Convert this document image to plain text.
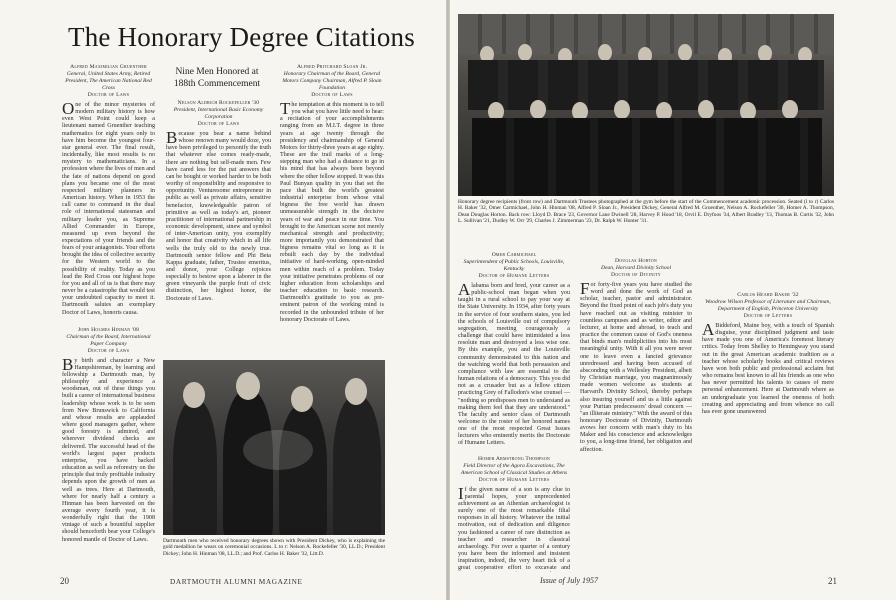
The Honorary Degree Citations
Alfred Maximilian Gruenther
General, United States Army, Retired President, The American National Red Cross
Doctor of Laws

One of the minor mysteries of modern military history is how even West Point could keep a lieutenant named Gruenther teaching mathematics for eight years only to have him become the youngest four-star general ever. The final result, incidentally, like most results is no mystery to mathematicians. In a profession where the lives of men and the fate of nations depend on good plans you became one of the most respected military planners in American history. When in 1953 the call came to command in the dual role of international statesman and military leader you, as Supreme Allied Commander in Europe, measured up even beyond the expectations of your friends and the fears of your antagonists. Your efforts brought the idea of collective security for the Western world to the possibility of reality. Today as you lead the Red Cross our highest hope for you and all of us is that there may never be a catastrophe that would test your undoubted capacity to meet it. Dartmouth salutes an exemplary Doctor of Laws, honoris causa.

John Holmes Hinman '08
Chairman of the Board, International Paper Company
Doctor of Laws

By birth and character a New Hampshireman, by learning and fellowship a Dartmouth man, by philosophy and experience a woodsman, out of these things you built a career of international business leadership whose work is to be seen from New Brunswick to California and whose results are applauded where good managers gather, where good forestry is admired, and wherever dividend checks are delivered. The successful head of the world's largest paper products enterprise, you have backed education as well as reforestry on the principle that truly profitable industry depends upon the growth of men as well as trees. Here at Dartmouth, where for nearly half a century a Hinman has been harvested on the average every fourth year, it is wonderfully right that the 1908 vintage of such a bountiful supplier should henceforth bear your College's honored mantle of Doctor of Laws.

Nine Men Honored at 188th Commencement
Nelson Aldrich Rockefeller '30
President, International Basic Economy Corporation
Doctor of Laws

Because you bear a name behind whose renown many would doze, you have been privileged to personify the truth that whatever else comes ready-made, there are nothing but self-made men. Few have cared less for the pat answers that can be bought or worked harder to be both worthy of responsibility and responsive to opportunity. Venturesome entrepreneur in public as well as private affairs, sensitive benefactor, knowledgeable patron of primitive as well as today's art, pioneer practitioner of international partnership in economic development, sinew and symbol of inter-American unity, you exemplify and honor that creativity which in all life wells the truly old to the newly true. Dartmouth senior fellow and Phi Beta Kappa graduate, father, Trustee emeritus, and donor, your College rejoices especially to bestow upon a laborer in the green vineyards the purple fruit of civic distinction, her highest honor, the Doctorate of Laws.

Alfred Pritchard Sloan Jr.
Honorary Chairman of the Board, General Motors Company Chairman, Alfred P. Sloan Foundation
Doctor of Laws

The temptation at this moment is to tell you what you have little need to hear: a recitation of your accomplishments ranging from an M.I.T. degree in three years at age twenty through the presidency and chairmanship of General Motors for thirty-three years at age eighty. These are the trail marks of a long-stepping man who had a distance to go in his mind that has always been beyond where the other fellow stopped. It was this Paul Bunyan quality in you that set the pace that built the world's greatest industrial enterprise from whose vital bigness the free world has drawn unmeasurable strength in the decisive years of war and peace in our time. You brought to the American scene not merely mechanical strength and productivity; more importantly you demonstrated that bigness remains vital so long as it is rebuilt each day by the individual initiative of hard-working, open-minded men within reach of a problem. Today your initiative penetrates problems of our higher education from scholarships and teacher education to basic research. Dartmouth's gratitude to you as pre-eminent patron of the working mind is recorded in the unbounded tribute of her honorary Doctorate of Laws.

Dartmouth men who received honorary degrees shown with President Dickey, who is explaining the gold medallion he wears on ceremonial occasions. L to r: Nelson A. Rockefeller '30, LL.D.; President Dickey; John H. Hinman '08, LL.D.; and Prof. Carlos H. Baker '32, Litt.D.
20	DARTMOUTH ALUMNI MAGAZINE
Honorary degree recipients (front row) and Dartmouth Trustees photographed at the gym before the start of the Commencement academic procession. Seated (l to r) Carlos H. Baker '32, Omer Carmichael, John H. Hinman '08, Alfred P. Sloan Jr., President Dickey, General Alfred M. Gruenther, Nelson A. Rockefeller '30, Homer A. Thompson, Dean Douglas Horton. Back row: Lloyd D. Brace '23, Governor Lane Dwinell '28, Harvey P. Hood '18, Orvil E. Dryfoos '34, Albert Bradley '13, Thomas B. Curtis '32, John L. Sullivan '21, Dudley W. Orr '29, Charles J. Zimmerman '23, Dr. Ralph W. Hunter '31.
Omer Carmichael
Superintendent of Public Schools, Louisville, Kentucky
Doctor of Humane Letters

Alabama born and bred, your career as a public-school man began when you taught in a rural school to pay your way at the State University. In 1934, after forty years in the service of four southern states, you led the schools of Louisville out of compulsory segregation, meeting courageously a challenge that could have intimidated a less resolute man and destroyed a less wise one. By this example, you and the Louisville community demonstrated to this nation and the watching world that both persuasion and compliance with law are essential to the human relations of a democracy. This you did not as a crusader but as a fellow citizen practicing Grey of Fallodon's wise counsel — "nothing so predisposes men to understand as making them feel that they are understood." The faculty and senior class of Dartmouth welcome to the roster of her honored names one of the most respected Great Issues lecturers who eminently merits the Doctorate of Humane Letters.

Homer Armstrong Thompson
Field Director of the Agora Excavations, The American School of Classical Studies at Athens
Doctor of Humane Letters

If the given name of a son is any clue to parental hopes, your unprecedented achievement as an Athenian archaeologist is surely one of the most remarkable filial responses in all history. Whatever the initial motivation, out of dedication and diligence you fashioned a career of rare distinction as teacher and researcher in classical archaeology. For over a quarter of a century you have been the informed and insistent inspiration, indeed, the very heart tick of a great cooperative effort to excavate and

Douglas Horton
Dean, Harvard Divinity School
Doctor of Divinity

For forty-five years you have studied the word and done the work of God as scholar, teacher, pastor and administrator. Beyond the fixed point of each job's duty you have reached out as visiting minister to countless campuses and as writer, editor and lecturer, at home and abroad, to teach and practice the common cause of God's oneness that binds man's multiplicities into his most meaningful unity. With it all you were never one to leave even a fancied grievance unredressed and having been accused of absconding with a Wellesley President, albeit by Christian marriage, you magnanimously made women welcome as students at Harvard's Divinity School, thereby perhaps also insuring yourself and us a little against your Puritan predecessors' dread concern — "an illiterate ministry." With the award of this honorary Doctorate of Divinity, Dartmouth avows her concern with man's duty to his Maker and his conscience and acknowledges to you, a long-time friend, her obligation and affection.

Carlos Heard Baker '32
Woodrow Wilson Professor of Literature and Chairman, Department of English, Princeton University
Doctor of Letters

ABiddeford, Maine boy, with a touch of Spanish disguise, your disciplined judgment and taste have made you one of America's foremost literary critics. Today from Shelley to Hemingway you stand out in the great American academic tradition as a teacher whose scholarly books and critical reviews have won both public and professional acclaim but who remains best known to all his friends as one who has never permitted his talents to causes of mere personal enhancement. Here at Dartmouth where as an undergraduate you learned the oneness of both creating and appreciating and from whence no call has ever gone unanswered

Issue of July 1957	21
